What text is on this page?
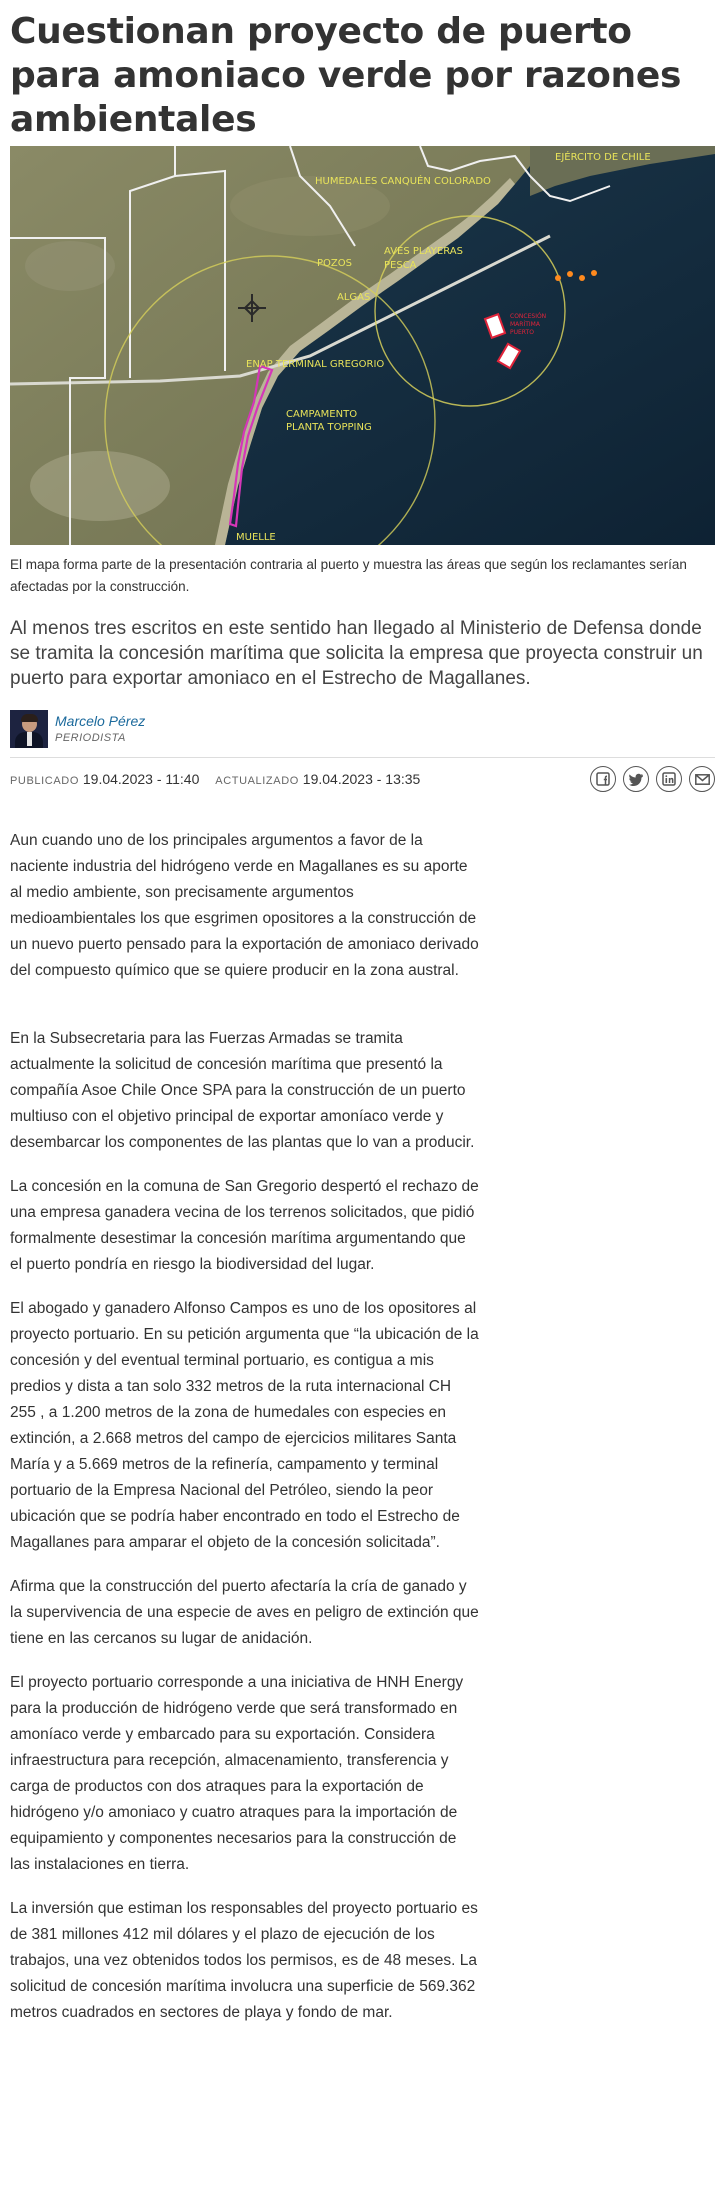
Cuestionan proyecto de puerto para amoniaco verde por razones ambientales
CONCESIÓN
MARÍTIMA
PUERTO
EJÉRCITO DE CHILE
HUMEDALES CANQUÉN COLORADO
POZOS
AVES PLAYERAS
PESCA
ALGAS
ENAP TERMINAL GREGORIO
CAMPAMENTO
PLANTA TOPPING
MUELLE

El mapa forma parte de la presentación contraria al puerto y muestra las áreas que según los reclamantes serían afectadas por la construcción.

Al menos tres escritos en este sentido han llegado al Ministerio de Defensa donde se tramita la concesión marítima que solicita la empresa que proyecta construir un puerto para exportar amoniaco en el Estrecho de Magallanes.

Marcelo Pérez
PERIODISTA
PUBLICADO 19.04.2023 - 11:40 ACTUALIZADO 19.04.2023 - 13:35

Aun cuando uno de los principales argumentos a favor de la naciente industria del hidrógeno verde en Magallanes es su aporte al medio ambiente, son precisamente argumentos medioambientales los que esgrimen opositores a la construcción de un nuevo puerto pensado para la exportación de amoniaco derivado del compuesto químico que se quiere producir en la zona austral.

En la Subsecretaria para las Fuerzas Armadas se tramita actualmente la solicitud de concesión marítima que presentó la compañía Asoe Chile Once SPA para la construcción de un puerto multiuso con el objetivo principal de exportar amoníaco verde y desembarcar los componentes de las plantas que lo van a producir.

La concesión en la comuna de San Gregorio despertó el rechazo de una empresa ganadera vecina de los terrenos solicitados, que pidió formalmente desestimar la concesión marítima argumentando que el puerto pondría en riesgo la biodiversidad del lugar.

El abogado y ganadero Alfonso Campos es uno de los opositores al proyecto portuario. En su petición argumenta que “la ubicación de la concesión y del eventual terminal portuario, es contigua a mis predios y dista a tan solo 332 metros de la ruta internacional CH 255 , a 1.200 metros de la zona de humedales con especies en extinción, a 2.668 metros del campo de ejercicios militares Santa María y a 5.669 metros de la refinería, campamento y terminal portuario de la Empresa Nacional del Petróleo, siendo la peor ubicación que se podría haber encontrado en todo el Estrecho de Magallanes para amparar el objeto de la concesión solicitada”.

Afirma que la construcción del puerto afectaría la cría de ganado y la supervivencia de una especie de aves en peligro de extinción que tiene en las cercanos su lugar de anidación.

El proyecto portuario corresponde a una iniciativa de HNH Energy para la producción de hidrógeno verde que será transformado en amoníaco verde y embarcado para su exportación. Considera infraestructura para recepción, almacenamiento, transferencia y carga de productos con dos atraques para la exportación de hidrógeno y/o amoniaco y cuatro atraques para la importación de equipamiento y componentes necesarios para la construcción de las instalaciones en tierra.

La inversión que estiman los responsables del proyecto portuario es de 381 millones 412 mil dólares y el plazo de ejecución de los trabajos, una vez obtenidos todos los permisos, es de 48 meses. La solicitud de concesión marítima involucra una superficie de 569.362 metros cuadrados en sectores de playa y fondo de mar.
